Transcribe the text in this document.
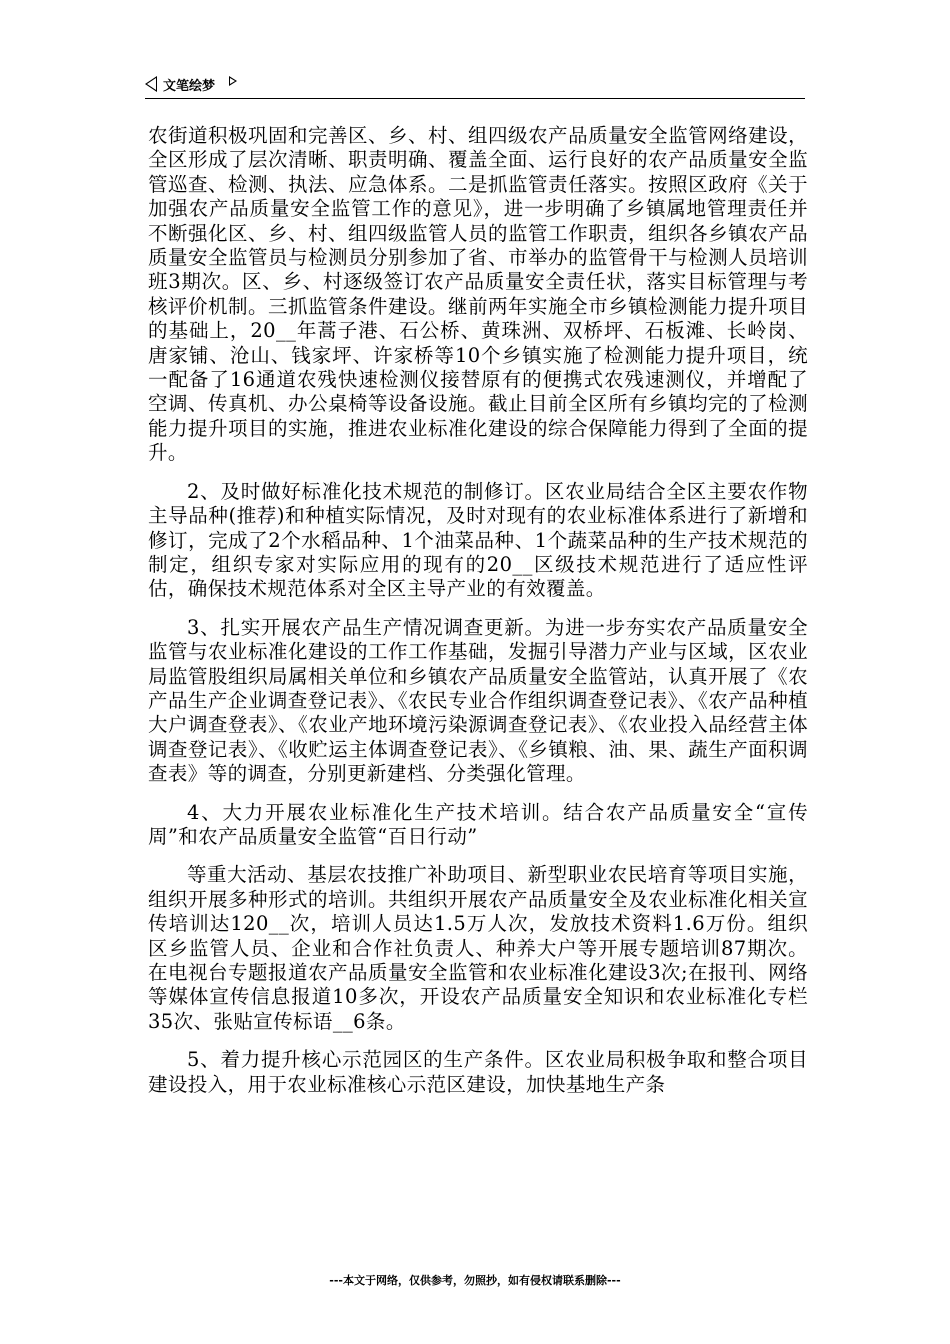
文笔绘梦

农街道积极巩固和完善区、乡、村、组四级农产品质量安全监管网络建设，全区形成了层次清晰、职责明确、覆盖全面、运行良好的农产品质量安全监管巡查、检测、执法、应急体系。二是抓监管责任落实。按照区政府《关于加强农产品质量安全监管工作的意见》，进一步明确了乡镇属地管理责任并不断强化区、乡、村、组四级监管人员的监管工作职责，组织各乡镇农产品质量安全监管员与检测员分别参加了省、市举办的监管骨干与检测人员培训班3期次。区、乡、村逐级签订农产品质量安全责任状，落实目标管理与考核评价机制。三抓监管条件建设。继前两年实施全市乡镇检测能力提升项目的基础上，20__年蒿子港、石公桥、黄珠洲、双桥坪、石板滩、长岭岗、唐家铺、沧山、钱家坪、许家桥等10个乡镇实施了检测能力提升项目，统一配备了16通道农残快速检测仪接替原有的便携式农残速测仪，并增配了空调、传真机、办公桌椅等设备设施。截止目前全区所有乡镇均完的了检测能力提升项目的实施，推进农业标准化建设的综合保障能力得到了全面的提升。

2、及时做好标准化技术规范的制修订。区农业局结合全区主要农作物主导品种(推荐)和种植实际情况，及时对现有的农业标准体系进行了新增和修订，完成了2个水稻品种、1个油菜品种、1个蔬菜品种的生产技术规范的制定，组织专家对实际应用的现有的20__区级技术规范进行了适应性评估，确保技术规范体系对全区主导产业的有效覆盖。

3、扎实开展农产品生产情况调查更新。为进一步夯实农产品质量安全监管与农业标准化建设的工作工作基础，发掘引导潜力产业与区域，区农业局监管股组织局属相关单位和乡镇农产品质量安全监管站，认真开展了《农产品生产企业调查登记表》、《农民专业合作组织调查登记表》、《农产品种植大户调查登表》、《农业产地环境污染源调查登记表》、《农业投入品经营主体调查登记表》、《收贮运主体调查登记表》、《乡镇粮、油、果、蔬生产面积调查表》等的调查，分别更新建档、分类强化管理。

4、大力开展农业标准化生产技术培训。结合农产品质量安全“宣传周”和农产品质量安全监管“百日行动”

等重大活动、基层农技推广补助项目、新型职业农民培育等项目实施，组织开展多种形式的培训。共组织开展农产品质量安全及农业标准化相关宣传培训达120__次，培训人员达1.5万人次，发放技术资料1.6万份。组织区乡监管人员、企业和合作社负责人、种养大户等开展专题培训87期次。在电视台专题报道农产品质量安全监管和农业标准化建设3次;在报刊、网络等媒体宣传信息报道10多次，开设农产品质量安全知识和农业标准化专栏35次、张贴宣传标语__6条。

5、着力提升核心示范园区的生产条件。区农业局积极争取和整合项目建设投入，用于农业标准核心示范区建设，加快基地生产条

---本文于网络，仅供参考，勿照抄，如有侵权请联系删除---
